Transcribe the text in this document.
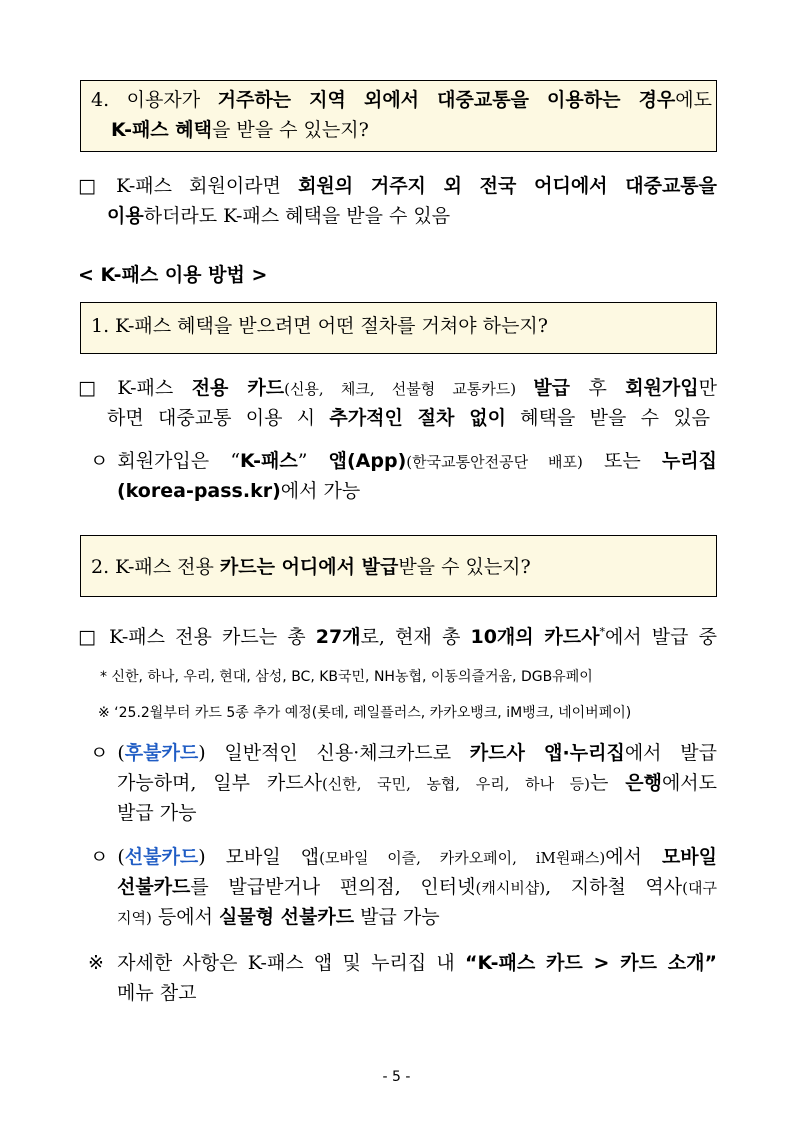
4. 이용자가 거주하는 지역 외에서 대중교통을 이용하는 경우에도
K-패스 혜택을 받을 수 있는지?
□ K-패스 회원이라면 회원의 거주지 외 전국 어디에서 대중교통을
이용하더라도 K-패스 혜택을 받을 수 있음
< K-패스 이용 방법 >
1. K-패스 혜택을 받으려면 어떤 절차를 거쳐야 하는지?
□ K-패스 전용 카드(신용, 체크, 선불형 교통카드) 발급 후 회원가입만
하면 대중교통 이용 시 추가적인 절차 없이 혜택을 받을 수 있음
ㅇ 회원가입은 “K-패스” 앱(App)(한국교통안전공단 배포) 또는 누리집
(korea-pass.kr)에서 가능
2. K-패스 전용 카드는 어디에서 발급받을 수 있는지?
□ K-패스 전용 카드는 총 27개로, 현재 총 10개의 카드사*에서 발급 중
* 신한, 하나, 우리, 현대, 삼성, BC, KB국민, NH농협, 이동의즐거움, DGB유페이
※ ‘25.2월부터 카드 5종 추가 예정(롯데, 레일플러스, 카카오뱅크, iM뱅크, 네이버페이)
ㅇ (후불카드) 일반적인 신용·체크카드로 카드사 앱·누리집에서 발급
가능하며, 일부 카드사(신한, 국민, 농협, 우리, 하나 등)는 은행에서도
발급 가능
ㅇ (선불카드) 모바일 앱(모바일 이즐, 카카오페이, iM원패스)에서 모바일
선불카드를 발급받거나 편의점, 인터넷(캐시비샵), 지하철 역사(대구
지역) 등에서 실물형 선불카드 발급 가능
※ 자세한 사항은 K-패스 앱 및 누리집 내 “K-패스 카드 > 카드 소개”
메뉴 참고
- 5 -
